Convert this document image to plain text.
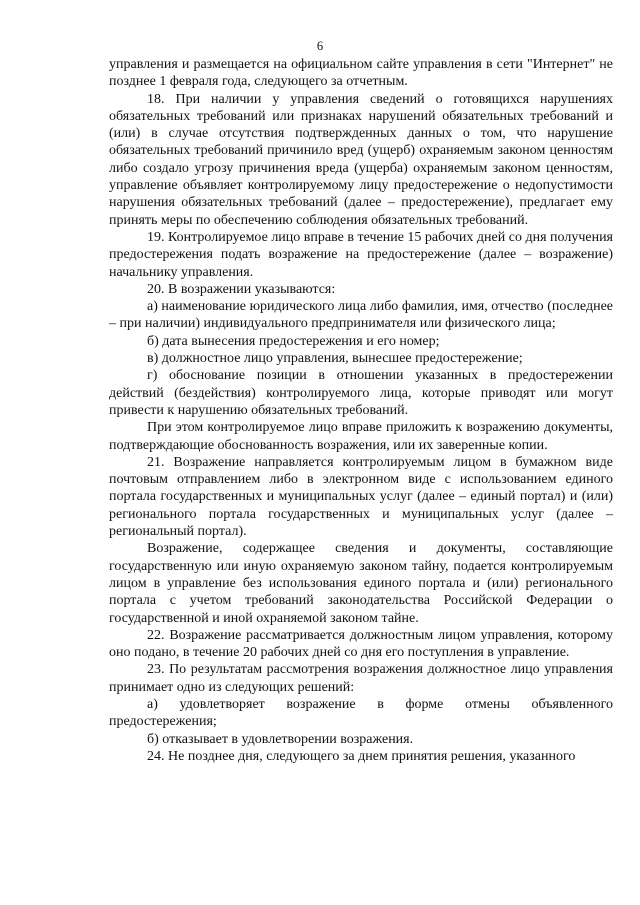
6

управления и размещается на официальном сайте управления в сети "Интернет" не позднее 1 февраля года, следующего за отчетным.

18. При наличии у управления сведений о готовящихся нарушениях обязательных требований или признаках нарушений обязательных требований и (или) в случае отсутствия подтвержденных данных о том, что нарушение обязательных требований причинило вред (ущерб) охраняемым законом ценностям либо создало угрозу причинения вреда (ущерба) охраняемым законом ценностям, управление объявляет контролируемому лицу предостережение о недопустимости нарушения обязательных требований (далее – предостережение), предлагает ему принять меры по обеспечению соблюдения обязательных требований.

19. Контролируемое лицо вправе в течение 15 рабочих дней со дня получения предостережения подать возражение на предостережение (далее – возражение) начальнику управления.

20. В возражении указываются:

а) наименование юридического лица либо фамилия, имя, отчество (последнее – при наличии) индивидуального предпринимателя или физического лица;

б) дата вынесения предостережения и его номер;

в) должностное лицо управления, вынесшее предостережение;

г) обоснование позиции в отношении указанных в предостережении действий (бездействия) контролируемого лица, которые приводят или могут привести к нарушению обязательных требований.

При этом контролируемое лицо вправе приложить к возражению документы, подтверждающие обоснованность возражения, или их заверенные копии.

21. Возражение направляется контролируемым лицом в бумажном виде почтовым отправлением либо в электронном виде с использованием единого портала государственных и муниципальных услуг (далее – единый портал) и (или) регионального портала государственных и муниципальных услуг (далее – региональный портал).

Возражение, содержащее сведения и документы, составляющие государственную или иную охраняемую законом тайну, подается контролируемым лицом в управление без использования единого портала и (или) регионального портала с учетом требований законодательства Российской Федерации о государственной и иной охраняемой законом тайне.

22. Возражение рассматривается должностным лицом управления, которому оно подано, в течение 20 рабочих дней со дня его поступления в управление.

23. По результатам рассмотрения возражения должностное лицо управления принимает одно из следующих решений:

а) удовлетворяет возражение в форме отмены объявленного предостережения;

б) отказывает в удовлетворении возражения.

24. Не позднее дня, следующего за днем принятия решения, указанного
